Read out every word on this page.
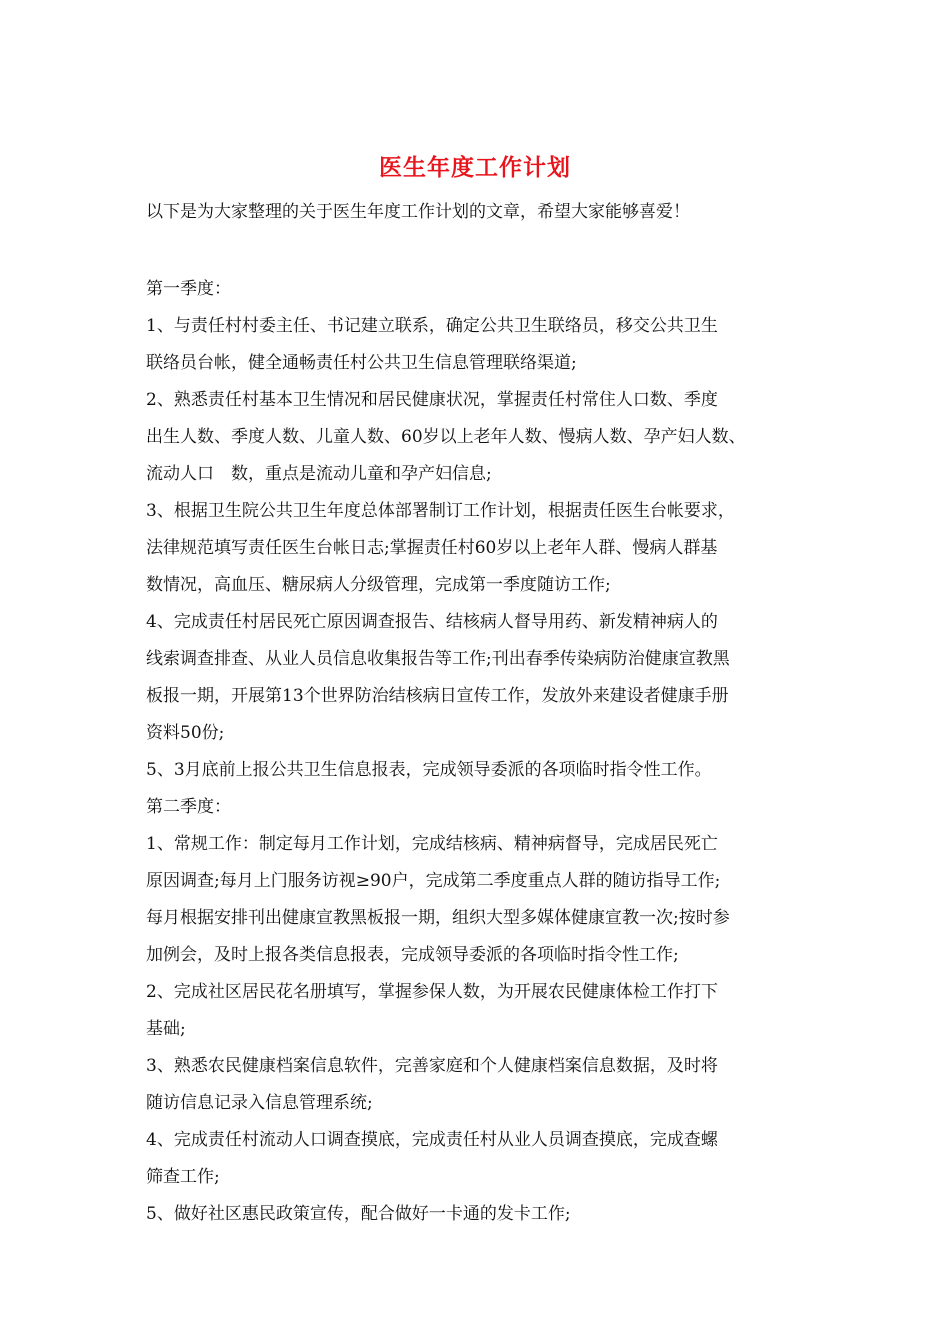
医生年度工作计划
以下是为大家整理的关于医生年度工作计划的文章，希望大家能够喜爱！
第一季度：
1、与责任村村委主任、书记建立联系，确定公共卫生联络员，移交公共卫生
联络员台帐，健全通畅责任村公共卫生信息管理联络渠道;
2、熟悉责任村基本卫生情况和居民健康状况，掌握责任村常住人口数、季度
出生人数、季度人数、儿童人数、60岁以上老年人数、慢病人数、孕产妇人数、
流动人口　数，重点是流动儿童和孕产妇信息;
3、根据卫生院公共卫生年度总体部署制订工作计划，根据责任医生台帐要求，
法律规范填写责任医生台帐日志;掌握责任村60岁以上老年人群、慢病人群基
数情况，高血压、糖尿病人分级管理，完成第一季度随访工作;
4、完成责任村居民死亡原因调查报告、结核病人督导用药、新发精神病人的
线索调查排查、从业人员信息收集报告等工作;刊出春季传染病防治健康宣教黑
板报一期，开展第13个世界防治结核病日宣传工作，发放外来建设者健康手册
资料50份;
5、3月底前上报公共卫生信息报表，完成领导委派的各项临时指令性工作。
第二季度：
1、常规工作：制定每月工作计划，完成结核病、精神病督导，完成居民死亡
原因调查;每月上门服务访视≥90户，完成第二季度重点人群的随访指导工作;
每月根据安排刊出健康宣教黑板报一期，组织大型多媒体健康宣教一次;按时参
加例会，及时上报各类信息报表，完成领导委派的各项临时指令性工作;
2、完成社区居民花名册填写，掌握参保人数，为开展农民健康体检工作打下
基础;
3、熟悉农民健康档案信息软件，完善家庭和个人健康档案信息数据，及时将
随访信息记录入信息管理系统;
4、完成责任村流动人口调查摸底，完成责任村从业人员调查摸底，完成查螺
筛查工作;
5、做好社区惠民政策宣传，配合做好一卡通的发卡工作;
